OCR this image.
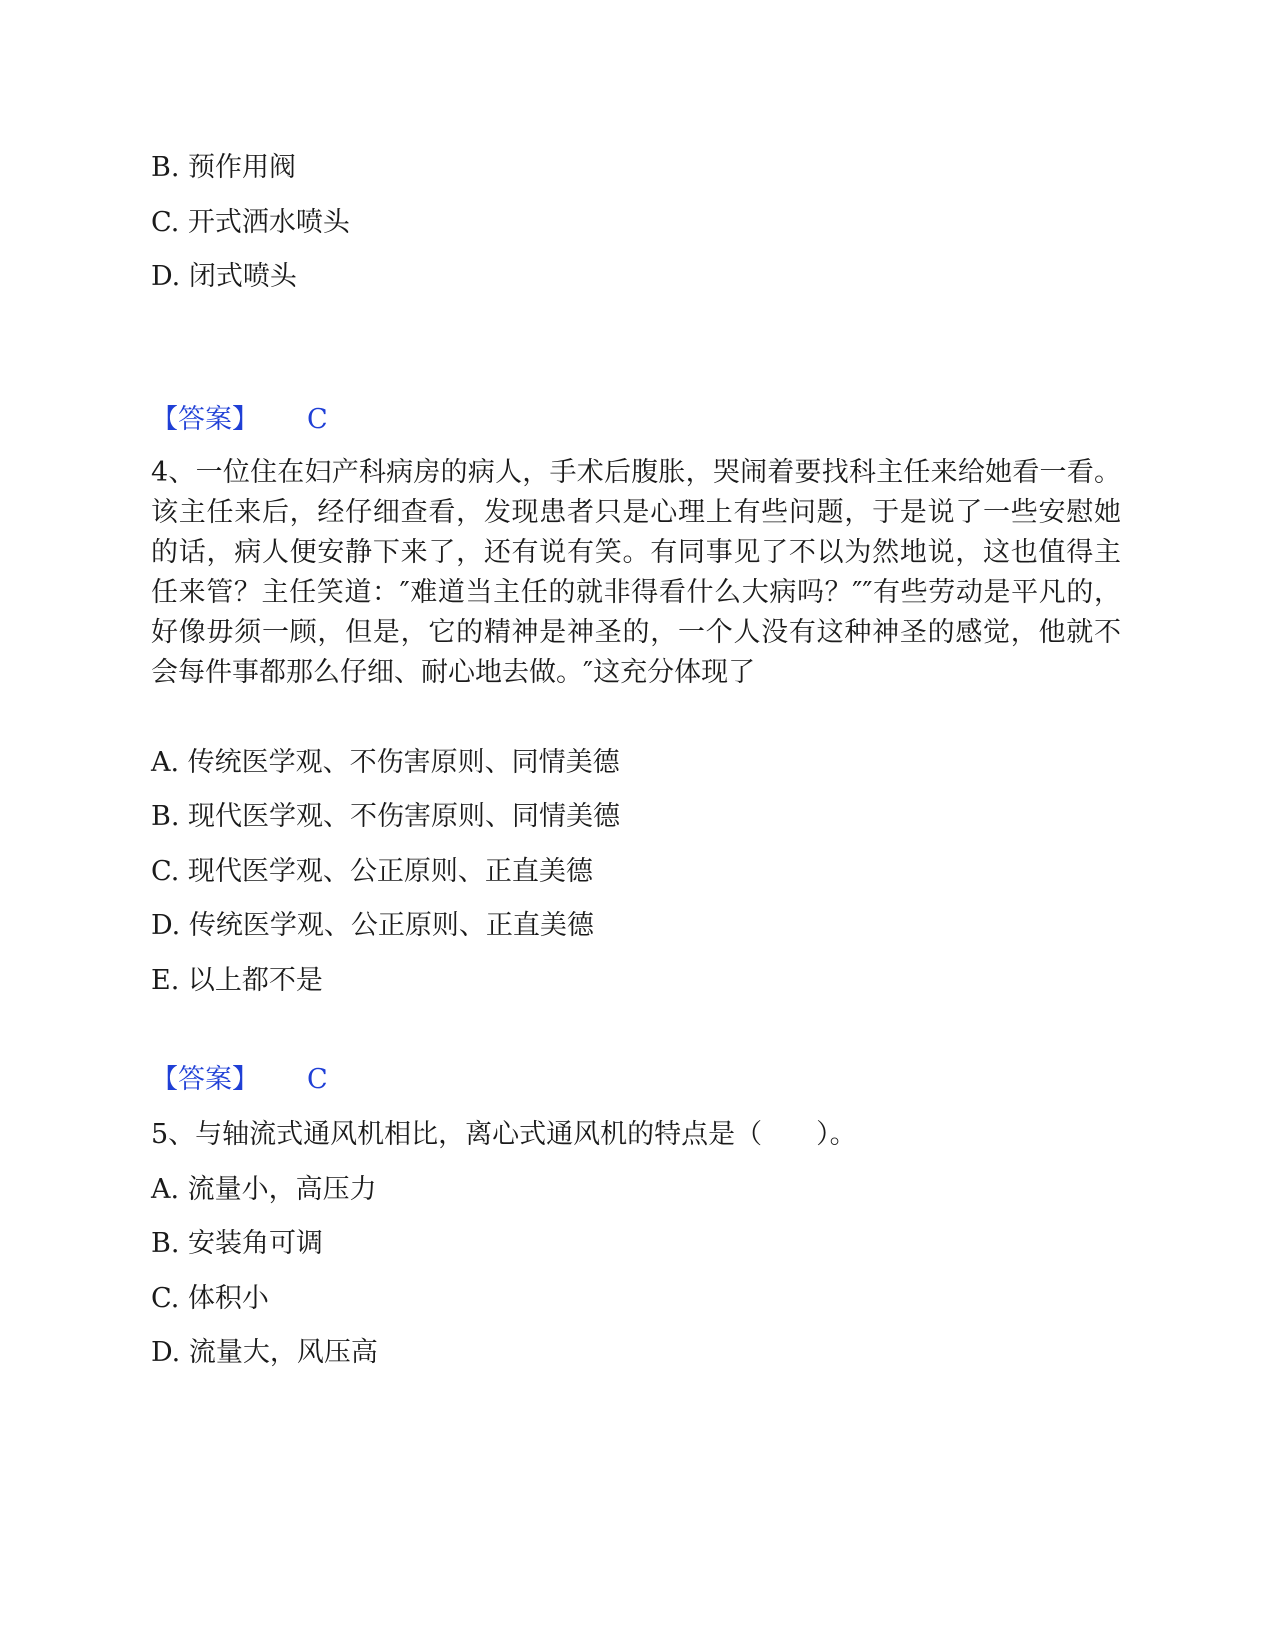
B. 预作用阀
C. 开式洒水喷头
D. 闭式喷头
【答案】 C
4、一位住在妇产科病房的病人，手术后腹胀，哭闹着要找科主任来给她看一看。该主任来后，经仔细查看，发现患者只是心理上有些问题，于是说了一些安慰她的话，病人便安静下来了，还有说有笑。有同事见了不以为然地说，这也值得主任来管？主任笑道：″难道当主任的就非得看什么大病吗？″″有些劳动是平凡的，好像毋须一顾，但是，它的精神是神圣的，一个人没有这种神圣的感觉，他就不会每件事都那么仔细、耐心地去做。″这充分体现了
A. 传统医学观、不伤害原则、同情美德
B. 现代医学观、不伤害原则、同情美德
C. 现代医学观、公正原则、正直美德
D. 传统医学观、公正原则、正直美德
E. 以上都不是
【答案】 C
5、与轴流式通风机相比，离心式通风机的特点是（　　）。
A. 流量小，高压力
B. 安装角可调
C. 体积小
D. 流量大，风压高
